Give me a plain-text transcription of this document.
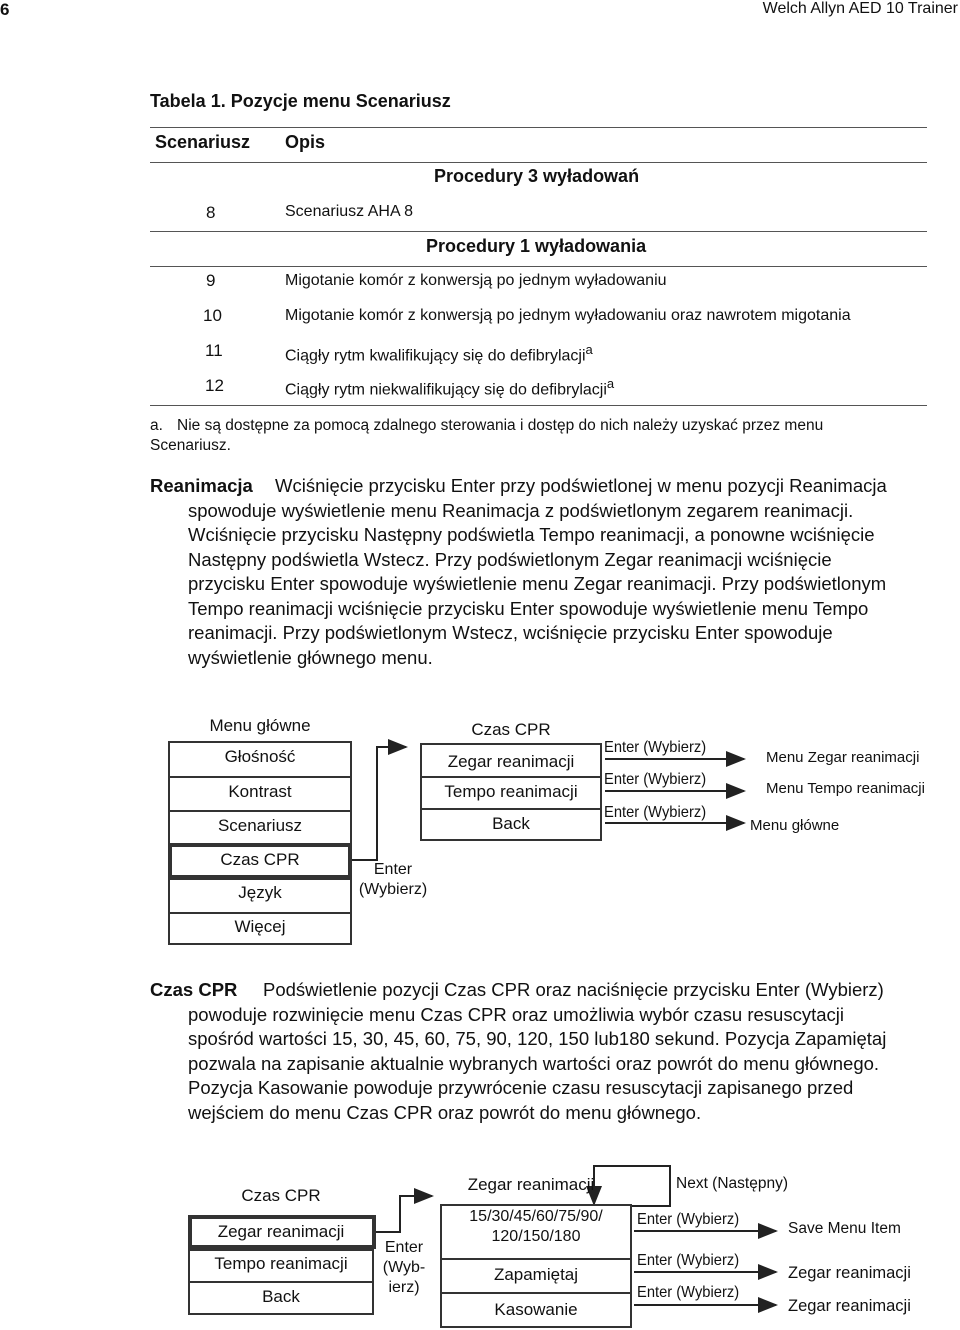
6	Welch Allyn AED 10 Trainer
Tabela 1. Pozycje menu Scenariusz
Scenariusz Opis
Procedury 3 wyładowań
8	Scenariusz AHA 8
Procedury 1 wyładowania
9	Migotanie komór z konwersją po jednym wyładowaniu
10	Migotanie komór z konwersją po jednym wyładowaniu oraz nawrotem migotania
11	Ciągły rytm kwalifikujący się do defibrylacji$^a$
12	Ciągły rytm niekwalifikujący się do defibrylacji$^a$
a. Nie są dostępne za pomocą zdalnego sterowania i dostęp do nich należy uzyskać przez menu
Scenariusz.
Reanimacja Wciśnięcie przycisku Enter przy podświetlonej w menu pozycji Reanimacja
spowoduje wyświetlenie menu Reanimacja z podświetlonym zegarem reanimacji.
Wciśnięcie przycisku Następny podświetla Tempo reanimacji, a ponowne wciśnięcie
Następny podświetla Wstecz. Przy podświetlonym Zegar reanimacji wciśnięcie
przycisku Enter spowoduje wyświetlenie menu Zegar reanimacji. Przy podświetlonym
Tempo reanimacji wciśnięcie przycisku Enter spowoduje wyświetlenie menu Tempo
reanimacji. Przy podświetlonym Wstecz, wciśnięcie przycisku Enter spowoduje
wyświetlenie głównego menu.
Menu główne
Głośność
Kontrast
Scenariusz
Czas CPR
Język
Więcej
Enter
(Wybierz)
Czas CPR
Zegar reanimacji
Tempo reanimacji
Back
Enter (Wybierz)
Enter (Wybierz)
Enter (Wybierz)
Menu Zegar reanimacji
Menu Tempo reanimacji
Menu główne
Czas CPR Podświetlenie pozycji Czas CPR oraz naciśnięcie przycisku Enter (Wybierz)
powoduje rozwinięcie menu Czas CPR oraz umożliwia wybór czasu resuscytacji
spośród wartości 15, 30, 45, 60, 75, 90, 120, 150 lub180 sekund. Pozycja Zapamiętaj
pozwala na zapisanie aktualnie wybranych wartości oraz powrót do menu głównego.
Pozycja Kasowanie powoduje przywrócenie czasu resuscytacji zapisanego przed
wejściem do menu Czas CPR oraz powrót do menu głównego.
Czas CPR
Zegar reanimacji
Tempo reanimacji
Back
Enter
(Wyb-
ierz)
Zegar reanimacji
15/30/45/60/75/90/
120/150/180
Zapamiętaj
Kasowanie
Next (Następny)
Enter (Wybierz)
Enter (Wybierz)
Enter (Wybierz)
Save Menu Item
Zegar reanimacji
Zegar reanimacji
